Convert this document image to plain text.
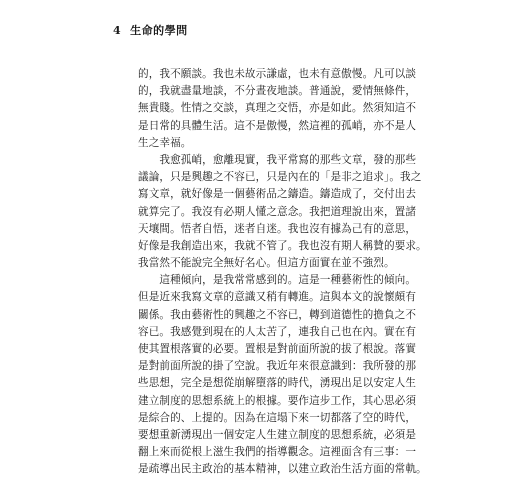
4 生命的學問
的，我不願談。我也未故示謙虛，也未有意傲慢。凡可以談
的，我就盡量地談，不分晝夜地談。普通說，愛情無條件，
無貴賤。性情之交談，真理之交悟，亦是如此。然須知這不
是日常的具體生活。這不是傲慢，然這裡的孤峭，亦不是人
生之幸福。
　　我愈孤峭，愈離現實，我平常寫的那些文章，發的那些
議論，只是興趣之不容已，只是內在的「是非之追求」。我之
寫文章，就好像是一個藝術品之鑄造。鑄造成了，交付出去
就算完了。我沒有必期人懂之意念。我把道理說出來，置諸
天壤間。悟者自悟，迷者自迷。我也沒有據為己有的意思，
好像是我創造出來，我就不管了。我也沒有期人稱贊的要求。
我當然不能說完全無好名心。但這方面實在並不強烈。
　　這種傾向，是我常常感到的。這是一種藝術性的傾向。
但是近來我寫文章的意識又稍有轉進。這與本文的說懷頗有
關係。我由藝術性的興趣之不容已，轉到道德性的擔負之不
容已。我感覺到現在的人太苦了，連我自己也在內。實在有
使其置根落實的必要。置根是對前面所說的拔了根說。落實
是對前面所說的掛了空說。我近年來很意識到：我所發的那
些思想，完全是想從崩解墮落的時代，湧現出足以安定人生
建立制度的思想系統上的根據。要作這步工作，其心思必須
是綜合的、上提的。因為在這塌下來一切都落了空的時代，
要想重新湧現出一個安定人生建立制度的思想系統，必須是
翻上來而從根上滋生我們的指導觀念。這裡面含有三事：一
是疏導出民主政治的基本精神，以建立政治生活方面的常軌。
